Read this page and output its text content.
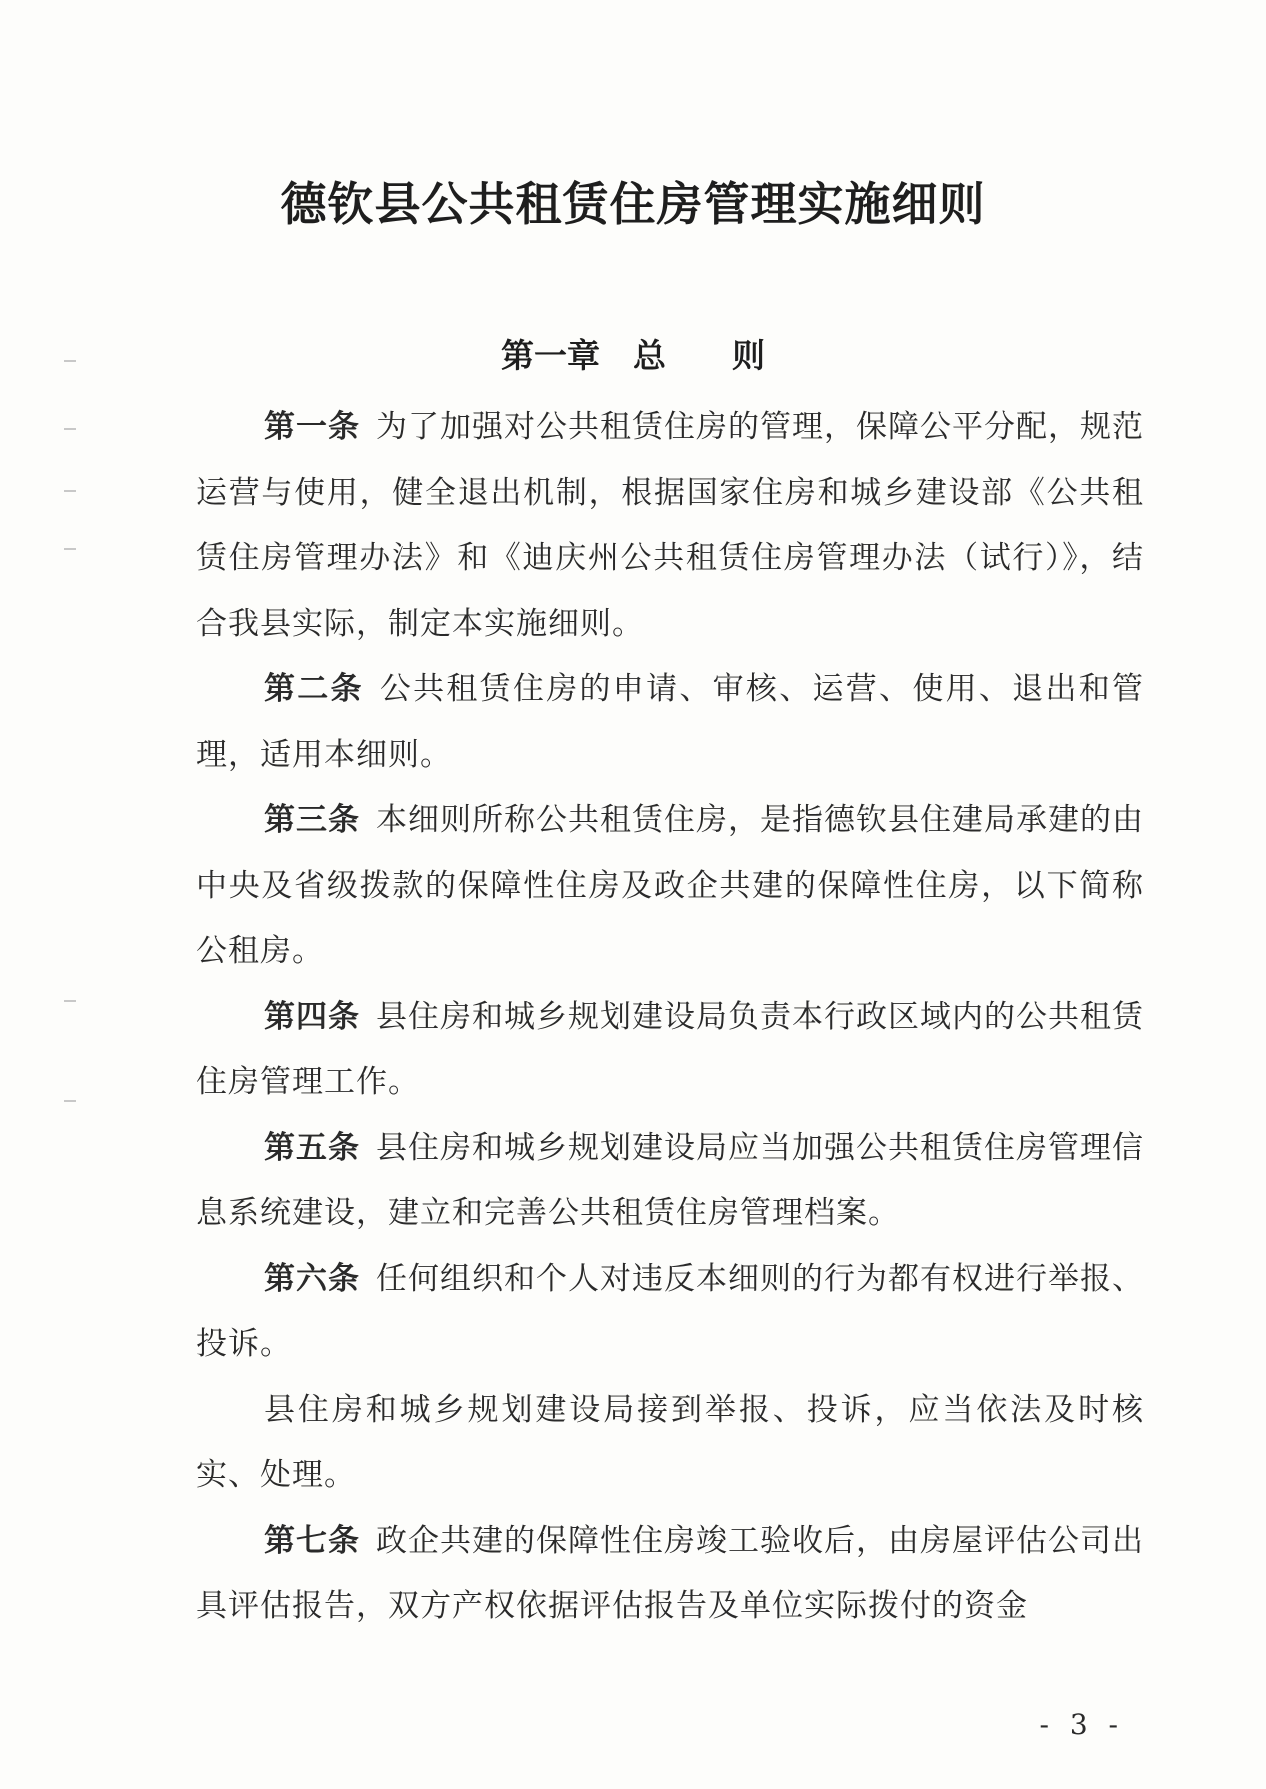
德钦县公共租赁住房管理实施细则
第一章　总　　则

第一条 为了加强对公共租赁住房的管理，保障公平分配，规范运营与使用，健全退出机制，根据国家住房和城乡建设部《公共租赁住房管理办法》和《迪庆州公共租赁住房管理办法（试行）》，结合我县实际，制定本实施细则。

第二条 公共租赁住房的申请、审核、运营、使用、退出和管理，适用本细则。

第三条 本细则所称公共租赁住房，是指德钦县住建局承建的由中央及省级拨款的保障性住房及政企共建的保障性住房，以下简称公租房。

第四条 县住房和城乡规划建设局负责本行政区域内的公共租赁住房管理工作。

第五条 县住房和城乡规划建设局应当加强公共租赁住房管理信息系统建设，建立和完善公共租赁住房管理档案。

第六条 任何组织和个人对违反本细则的行为都有权进行举报、投诉。

县住房和城乡规划建设局接到举报、投诉，应当依法及时核实、处理。

第七条 政企共建的保障性住房竣工验收后，由房屋评估公司出具评估报告，双方产权依据评估报告及单位实际拨付的资金

- 3 -
